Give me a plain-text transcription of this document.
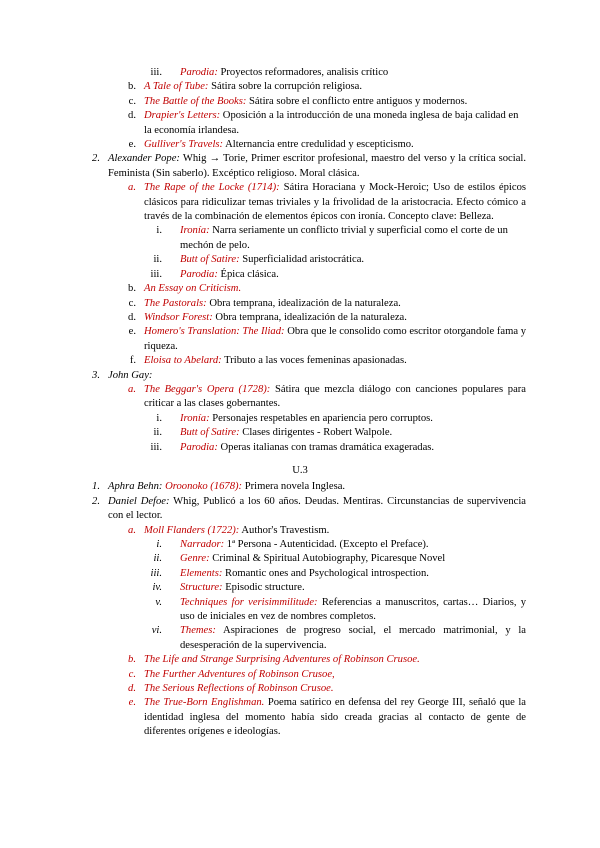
iii. Parodia: Proyectos reformadores, analisis crítico
b. A Tale of Tube: Sátira sobre la corrupción religiosa.
c. The Battle of the Books: Sátira sobre el conflicto entre antiguos y modernos.
d. Drapier's Letters: Oposición a la introducción de una moneda inglesa de baja calidad en la economía irlandesa.
e. Gulliver's Travels: Alternancia entre credulidad y escepticismo.
2. Alexander Pope: Whig → Torie, Primer escritor profesional, maestro del verso y la crítica social. Feminista (Sin saberlo). Excéptico religioso. Moral clásica.
a. The Rape of the Locke (1714): Sátira Horaciana y Mock-Heroic; Uso de estilos épicos clásicos para ridiculizar temas triviales y la frivolidad de la aristocracia. Efecto cómico a través de la combinación de elementos épicos con ironía. Concepto clave: Belleza.
i. Ironía: Narra seriamente un conflicto trivial y superficial como el corte de un mechón de pelo.
ii. Butt of Satire: Superficialidad aristocrática.
iii. Parodia: Épica clásica.
b. An Essay on Criticism.
c. The Pastorals: Obra temprana, idealización de la naturaleza.
d. Windsor Forest: Obra temprana, idealización de la naturaleza.
e. Homero's Translation: The Iliad: Obra que le consolido como escritor otorgandole fama y riqueza.
f. Eloisa to Abelard: Tributo a las voces femeninas apasionadas.
3. John Gay:
a. The Beggar's Opera (1728): Sátira que mezcla diálogo con canciones populares para criticar a las clases gobernantes.
i. Ironía: Personajes respetables en apariencia pero corruptos.
ii. Butt of Satire: Clases dirigentes - Robert Walpole.
iii. Parodia: Operas italianas con tramas dramática exageradas.
U.3
1. Aphra Behn: Oroonoko (1678): Primera novela Inglesa.
2. Daniel Defoe: Whig, Publicó a los 60 años. Deudas. Mentiras. Circunstancias de supervivencia con el lector.
a. Moll Flanders (1722): Author's Travestism.
i. Narrador: 1ª Persona - Autenticidad. (Excepto el Preface).
ii. Genre: Criminal & Spiritual Autobiography, Picaresque Novel
iii. Elements: Romantic ones and Psychological introspection.
iv. Structure: Episodic structure.
v. Techniques for verisimmilitude: Referencias a manuscritos, cartas… Diarios, y uso de iniciales en vez de nombres completos.
vi. Themes: Aspiraciones de progreso social, el mercado matrimonial, y la desesperación de la supervivencia.
b. The Life and Strange Surprising Adventures of Robinson Crusoe.
c. The Further Adventures of Robinson Crusoe,
d. The Serious Reflections of Robinson Crusoe.
e. The True-Born Englishman. Poema satírico en defensa del rey George III, señaló que la identidad inglesa del momento había sido creada gracias al contacto de gente de diferentes orígenes e ideologías.
